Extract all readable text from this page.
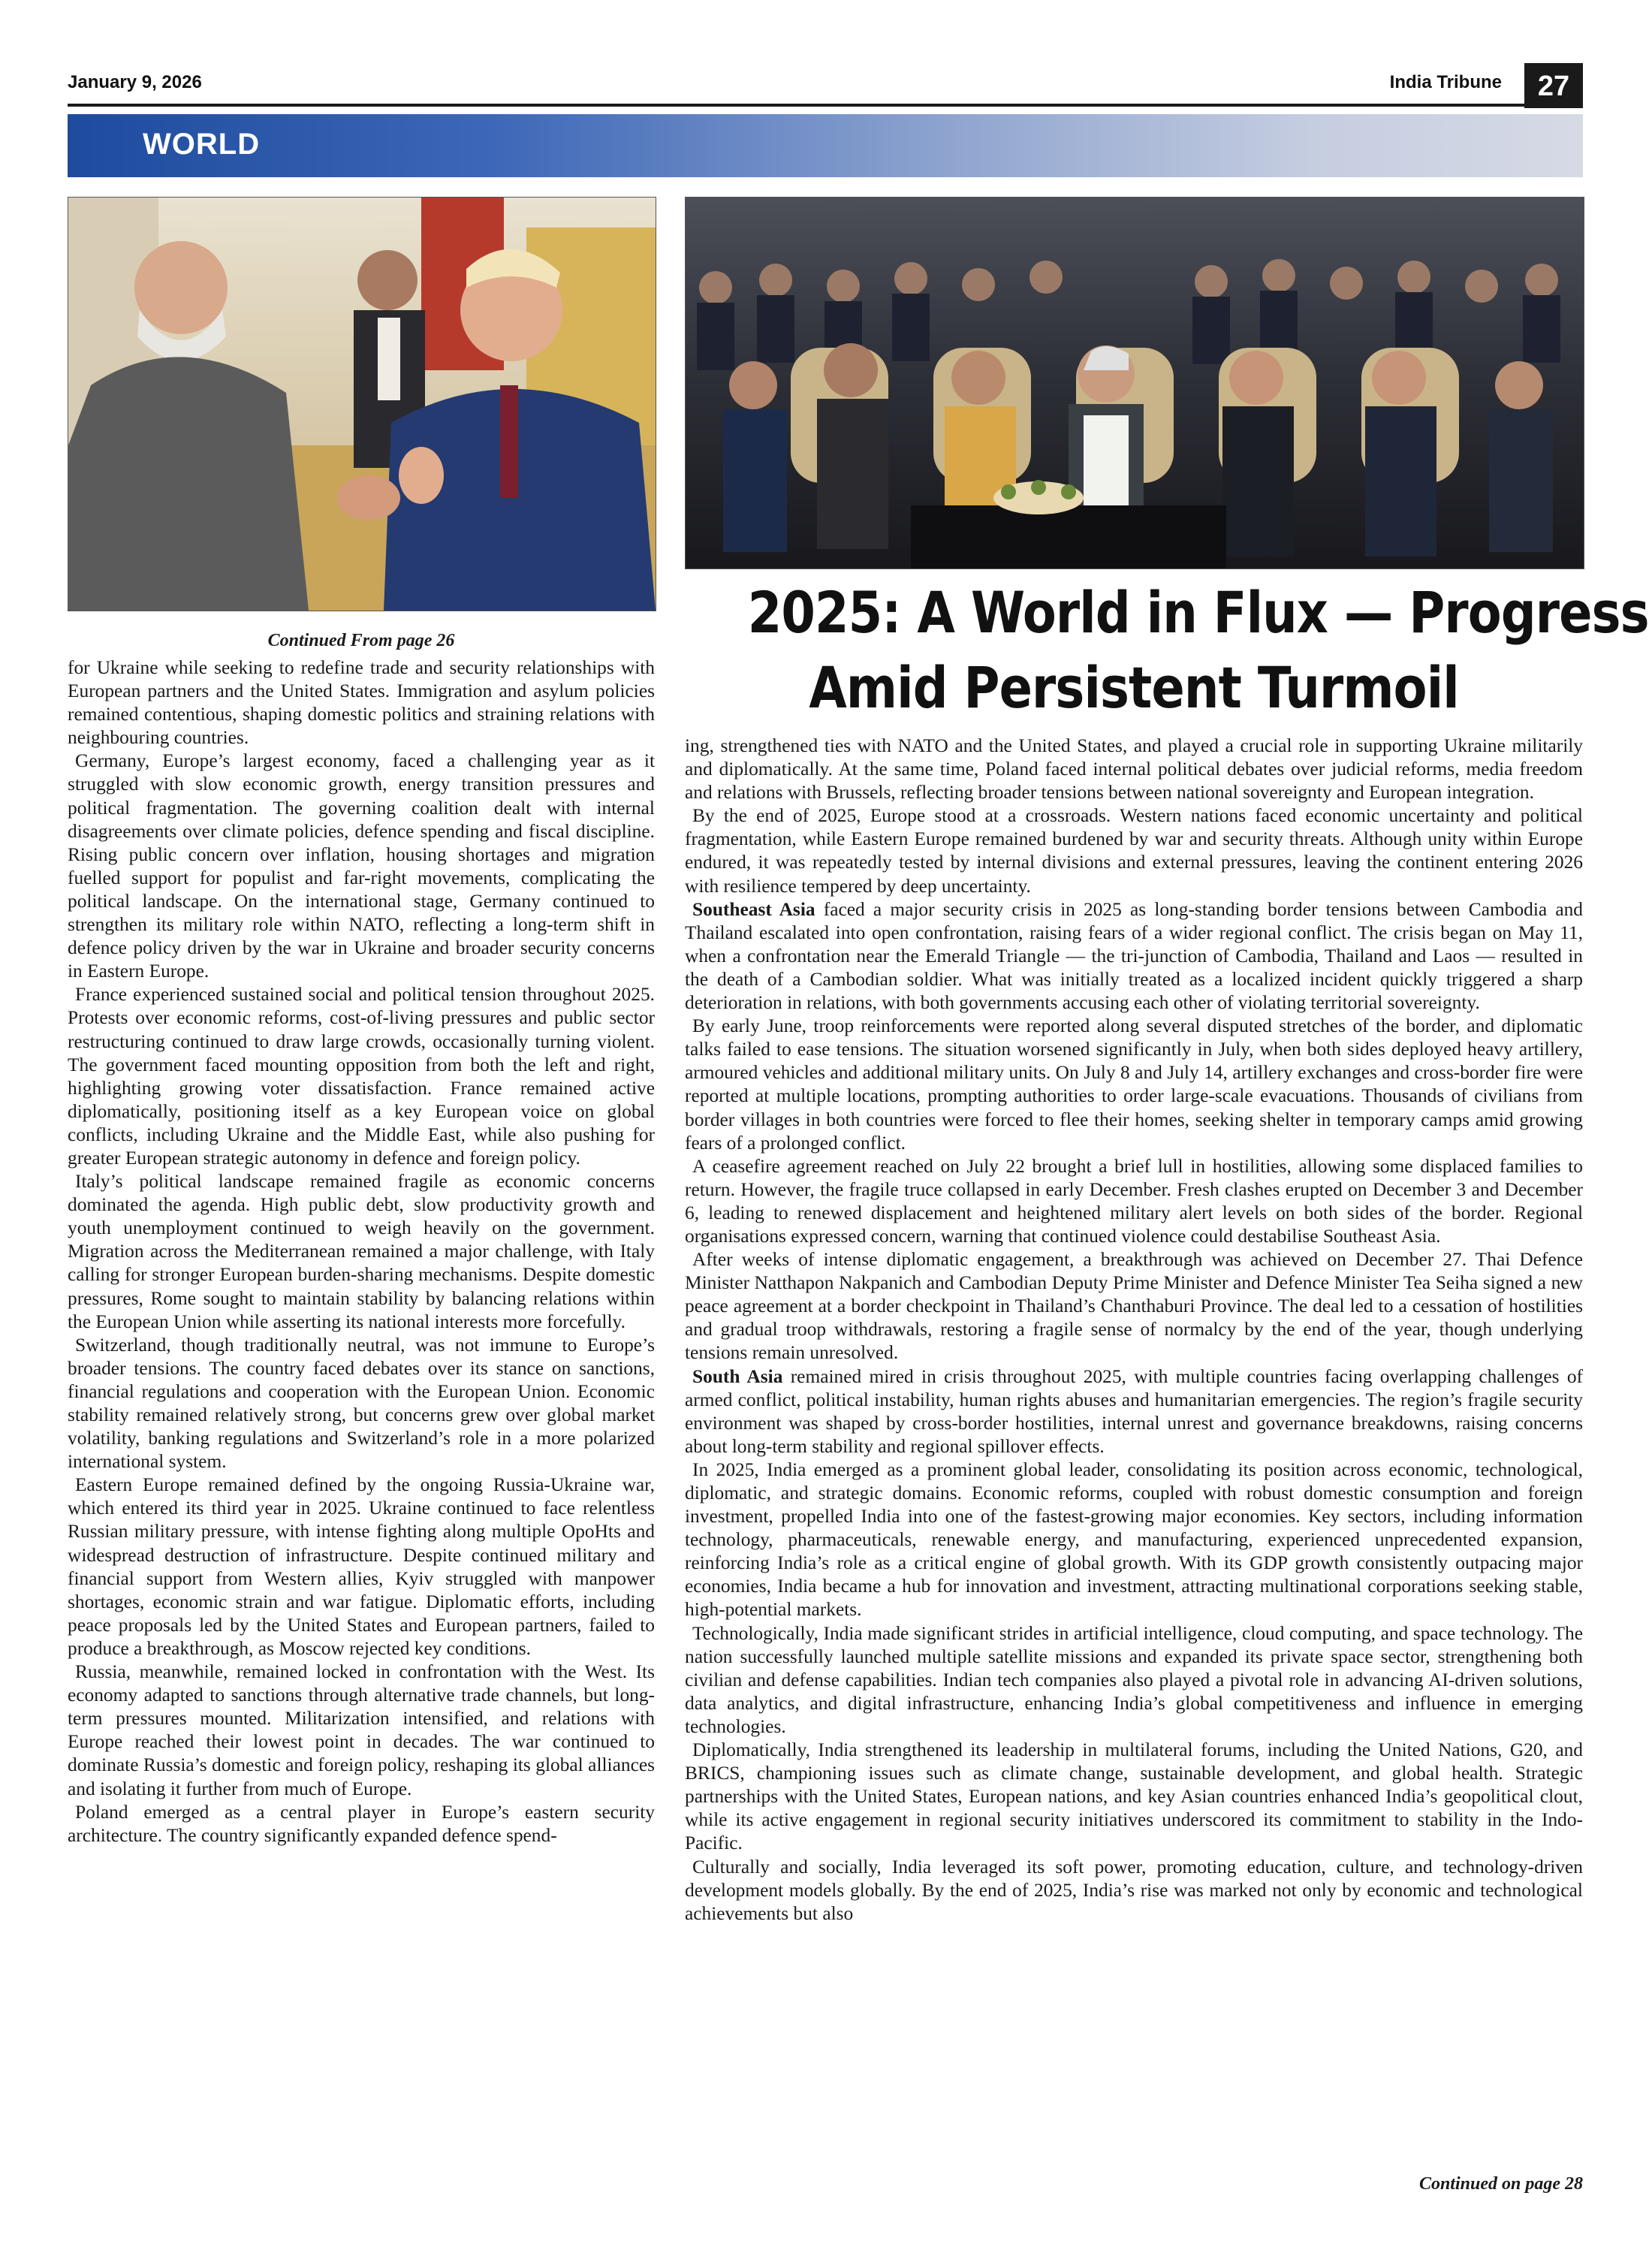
January 9, 2026	India Tribune	27
WORLD
2025: A World in Flux — Progress
Amid Persistent Turmoil
Continued From page 26

for Ukraine while seeking to redefine trade and security relationships with European partners and the United States. Immigration and asylum policies remained contentious, shaping domestic politics and straining relations with neighbouring countries.

Germany, Europe’s largest economy, faced a challenging year as it struggled with slow economic growth, energy transition pressures and political fragmentation. The governing coalition dealt with internal disagreements over climate policies, defence spending and fiscal discipline. Rising public concern over inflation, housing shortages and migration fuelled support for populist and far-right movements, complicating the political landscape. On the international stage, Germany continued to strengthen its military role within NATO, reflecting a long-term shift in defence policy driven by the war in Ukraine and broader security concerns in Eastern Europe.

France experienced sustained social and political tension throughout 2025. Protests over economic reforms, cost-of-living pressures and public sector restructuring continued to draw large crowds, occasionally turning violent. The government faced mounting opposition from both the left and right, highlighting growing voter dissatisfaction. France remained active diplomatically, positioning itself as a key European voice on global conflicts, including Ukraine and the Middle East, while also pushing for greater European strategic autonomy in defence and foreign policy.

Italy’s political landscape remained fragile as economic concerns dominated the agenda. High public debt, slow productivity growth and youth unemployment continued to weigh heavily on the government. Migration across the Mediterranean remained a major challenge, with Italy calling for stronger European burden-sharing mechanisms. Despite domestic pressures, Rome sought to maintain stability by balancing relations within the European Union while asserting its national interests more forcefully.

Switzerland, though traditionally neutral, was not immune to Europe’s broader tensions. The country faced debates over its stance on sanctions, financial regulations and cooperation with the European Union. Economic stability remained relatively strong, but concerns grew over global market volatility, banking regulations and Switzerland’s role in a more polarized international system.

Eastern Europe remained defined by the ongoing Russia-Ukraine war, which entered its third year in 2025. Ukraine continued to face relentless Russian military pressure, with intense fighting along multiple OpoHts and widespread destruction of infrastructure. Despite continued military and financial support from Western allies, Kyiv struggled with manpower shortages, economic strain and war fatigue. Diplomatic efforts, including peace proposals led by the United States and European partners, failed to produce a breakthrough, as Moscow rejected key conditions.

Russia, meanwhile, remained locked in confrontation with the West. Its economy adapted to sanctions through alternative trade channels, but long-term pressures mounted. Militarization intensified, and relations with Europe reached their lowest point in decades. The war continued to dominate Russia’s domestic and foreign policy, reshaping its global alliances and isolating it further from much of Europe.

Poland emerged as a central player in Europe’s eastern security architecture. The country significantly expanded defence spend-

ing, strengthened ties with NATO and the United States, and played a crucial role in supporting Ukraine militarily and diplomatically. At the same time, Poland faced internal political debates over judicial reforms, media freedom and relations with Brussels, reflecting broader tensions between national sovereignty and European integration.

By the end of 2025, Europe stood at a crossroads. Western nations faced economic uncertainty and political fragmentation, while Eastern Europe remained burdened by war and security threats. Although unity within Europe endured, it was repeatedly tested by internal divisions and external pressures, leaving the continent entering 2026 with resilience tempered by deep uncertainty.

Southeast Asia faced a major security crisis in 2025 as long-standing border tensions between Cambodia and Thailand escalated into open confrontation, raising fears of a wider regional conflict. The crisis began on May 11, when a confrontation near the Emerald Triangle — the tri-junction of Cambodia, Thailand and Laos — resulted in the death of a Cambodian soldier. What was initially treated as a localized incident quickly triggered a sharp deterioration in relations, with both governments accusing each other of violating territorial sovereignty.

By early June, troop reinforcements were reported along several disputed stretches of the border, and diplomatic talks failed to ease tensions. The situation worsened significantly in July, when both sides deployed heavy artillery, armoured vehicles and additional military units. On July 8 and July 14, artillery exchanges and cross-border fire were reported at multiple locations, prompting authorities to order large-scale evacuations. Thousands of civilians from border villages in both countries were forced to flee their homes, seeking shelter in temporary camps amid growing fears of a prolonged conflict.

A ceasefire agreement reached on July 22 brought a brief lull in hostilities, allowing some displaced families to return. However, the fragile truce collapsed in early December. Fresh clashes erupted on December 3 and December 6, leading to renewed displacement and heightened military alert levels on both sides of the border. Regional organisations expressed concern, warning that continued violence could destabilise Southeast Asia.

After weeks of intense diplomatic engagement, a breakthrough was achieved on December 27. Thai Defence Minister Natthapon Nakpanich and Cambodian Deputy Prime Minister and Defence Minister Tea Seiha signed a new peace agreement at a border checkpoint in Thailand’s Chanthaburi Province. The deal led to a cessation of hostilities and gradual troop withdrawals, restoring a fragile sense of normalcy by the end of the year, though underlying tensions remain unresolved.

South Asia remained mired in crisis throughout 2025, with multiple countries facing overlapping challenges of armed conflict, political instability, human rights abuses and humanitarian emergencies. The region’s fragile security environment was shaped by cross-border hostilities, internal unrest and governance breakdowns, raising concerns about long-term stability and regional spillover effects.

In 2025, India emerged as a prominent global leader, consolidating its position across economic, technological, diplomatic, and strategic domains. Economic reforms, coupled with robust domestic consumption and foreign investment, propelled India into one of the fastest-growing major economies. Key sectors, including information technology, pharmaceuticals, renewable energy, and manufacturing, experienced unprecedented expansion, reinforcing India’s role as a critical engine of global growth. With its GDP growth consistently outpacing major economies, India became a hub for innovation and investment, attracting multinational corporations seeking stable, high-potential markets.

Technologically, India made significant strides in artificial intelligence, cloud computing, and space technology. The nation successfully launched multiple satellite missions and expanded its private space sector, strengthening both civilian and defense capabilities. Indian tech companies also played a pivotal role in advancing AI-driven solutions, data analytics, and digital infrastructure, enhancing India’s global competitiveness and influence in emerging technologies.

Diplomatically, India strengthened its leadership in multilateral forums, including the United Nations, G20, and BRICS, championing issues such as climate change, sustainable development, and global health. Strategic partnerships with the United States, European nations, and key Asian countries enhanced India’s geopolitical clout, while its active engagement in regional security initiatives underscored its commitment to stability in the Indo-Pacific.

Culturally and socially, India leveraged its soft power, promoting education, culture, and technology-driven development models globally. By the end of 2025, India’s rise was marked not only by economic and technological achievements but also

Continued on page 28
